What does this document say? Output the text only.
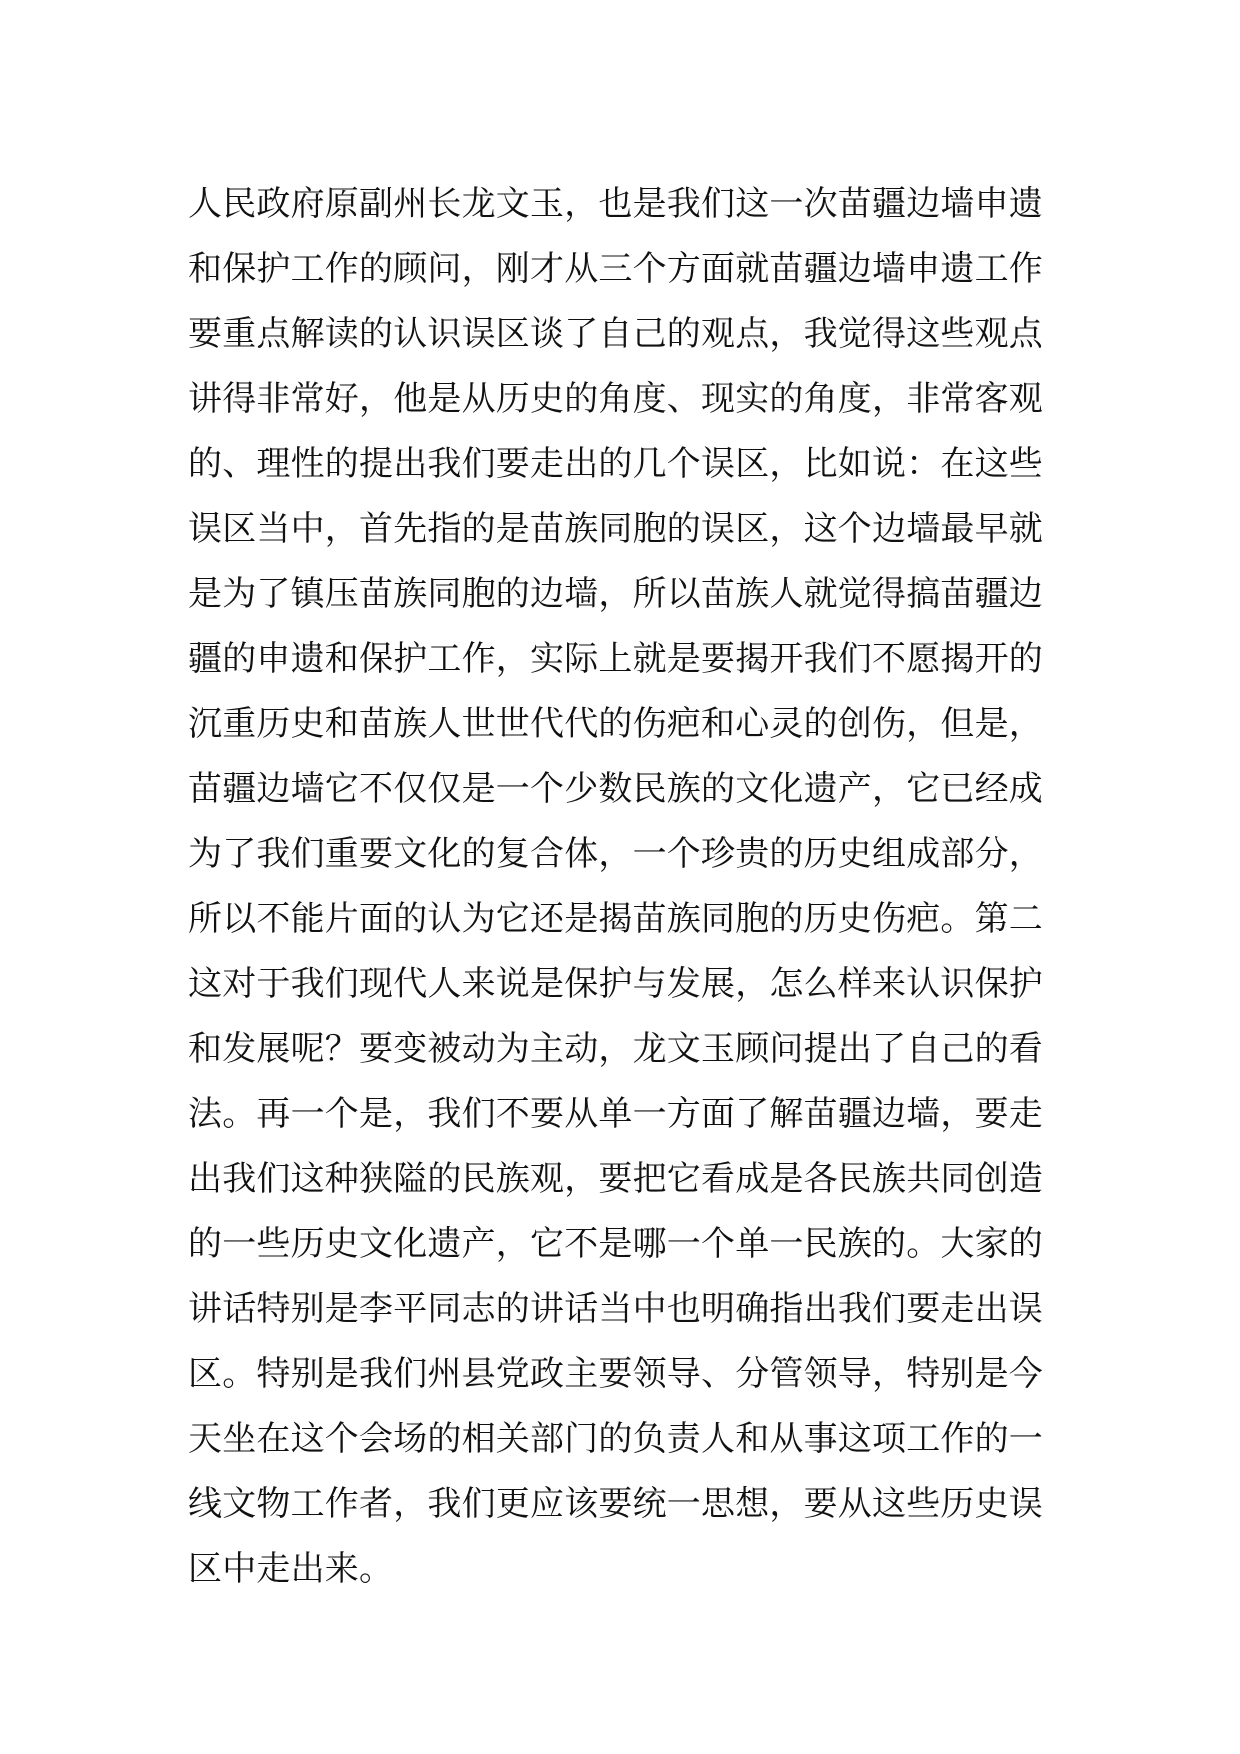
人民政府原副州长龙文玉，也是我们这一次苗疆边墙申遗
和保护工作的顾问，刚才从三个方面就苗疆边墙申遗工作
要重点解读的认识误区谈了自己的观点，我觉得这些观点
讲得非常好，他是从历史的角度、现实的角度，非常客观
的、理性的提出我们要走出的几个误区，比如说：在这些
误区当中，首先指的是苗族同胞的误区，这个边墙最早就
是为了镇压苗族同胞的边墙，所以苗族人就觉得搞苗疆边
疆的申遗和保护工作，实际上就是要揭开我们不愿揭开的
沉重历史和苗族人世世代代的伤疤和心灵的创伤，但是，
苗疆边墙它不仅仅是一个少数民族的文化遗产，它已经成
为了我们重要文化的复合体，一个珍贵的历史组成部分，
所以不能片面的认为它还是揭苗族同胞的历史伤疤。第二
这对于我们现代人来说是保护与发展，怎么样来认识保护
和发展呢？要变被动为主动，龙文玉顾问提出了自己的看
法。再一个是，我们不要从单一方面了解苗疆边墙，要走
出我们这种狭隘的民族观，要把它看成是各民族共同创造
的一些历史文化遗产，它不是哪一个单一民族的。大家的
讲话特别是李平同志的讲话当中也明确指出我们要走出误
区。特别是我们州县党政主要领导、分管领导，特别是今
天坐在这个会场的相关部门的负责人和从事这项工作的一
线文物工作者，我们更应该要统一思想，要从这些历史误
区中走出来。
